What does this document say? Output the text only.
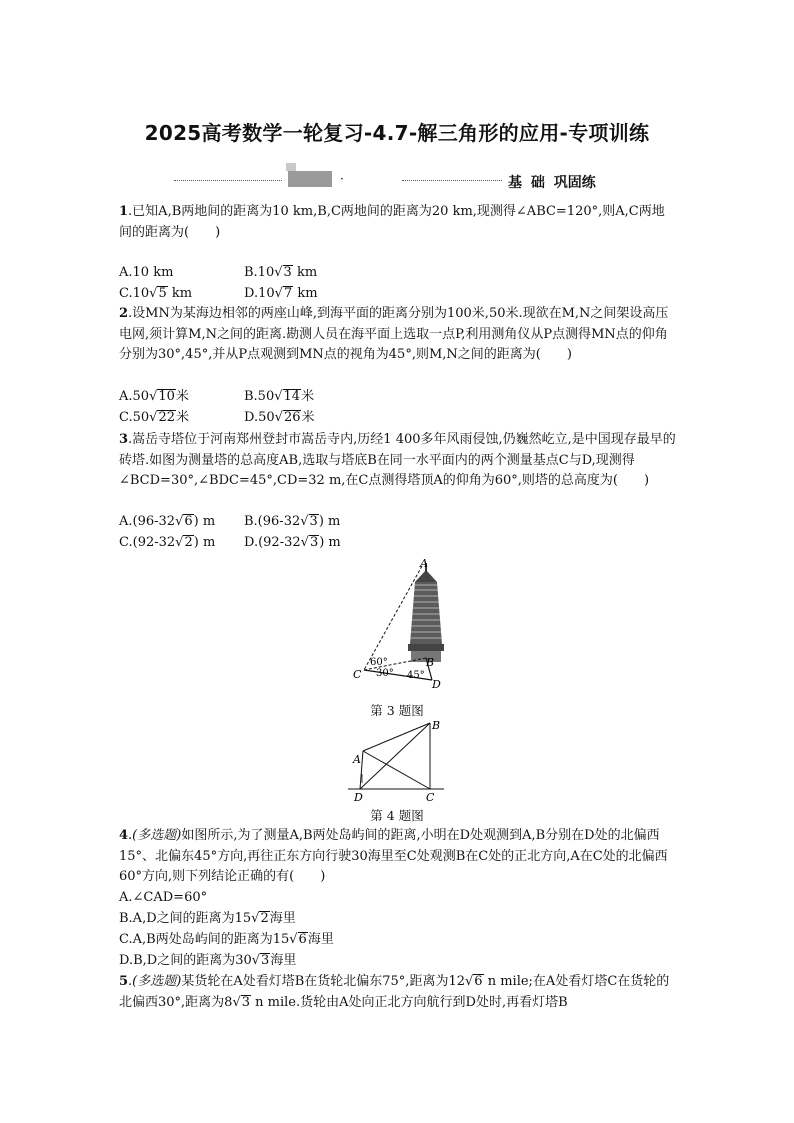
2025高考数学一轮复习-4.7-解三角形的应用-专项训练
·	基 础 巩固练
1.已知A,B两地间的距离为10 km,B,C两地间的距离为20 km,现测得∠ABC=120°,则A,C两地间的距离为(　　)
A.10 km	B.10√3 km
C.10√5 km	D.10√7 km
2.设MN为某海边相邻的两座山峰,到海平面的距离分别为100米,50米.现欲在M,N之间架设高压电网,须计算M,N之间的距离.勘测人员在海平面上选取一点P,利用测角仪从P点测得MN点的仰角分别为30°,45°,并从P点观测到MN点的视角为45°,则M,N之间的距离为(　　)
A.50√10米	B.50√14米
C.50√22米	D.50√26米
3.嵩岳寺塔位于河南郑州登封市嵩岳寺内,历经1 400多年风雨侵蚀,仍巍然屹立,是中国现存最早的砖塔.如图为测量塔的总高度AB,选取与塔底B在同一水平面内的两个测量基点C与D,现测得∠BCD=30°,∠BDC=45°,CD=32 m,在C点测得塔顶A的仰角为60°,则塔的总高度为(　　)
A.(96-32√6) m B.(96-32√3) m
C.(92-32√2) m D.(92-32√3) m
A
B
C
D
60°
30° 45°
第 3 题图
A
B
C
D
第 4 题图
4.(多选题)如图所示,为了测量A,B两处岛屿间的距离,小明在D处观测到A,B分别在D处的北偏西15°、北偏东45°方向,再往正东方向行驶30海里至C处观测B在C处的正北方向,A在C处的北偏西60°方向,则下列结论正确的有(　　)
A.∠CAD=60°
B.A,D之间的距离为15√2海里
C.A,B两处岛屿间的距离为15√6海里
D.B,D之间的距离为30√3海里
5.(多选题)某货轮在A处看灯塔B在货轮北偏东75°,距离为12√6 n mile;在A处看灯塔C在货轮的北偏西30°,距离为8√3 n mile.货轮由A处向正北方向航行到D处时,再看灯塔B
